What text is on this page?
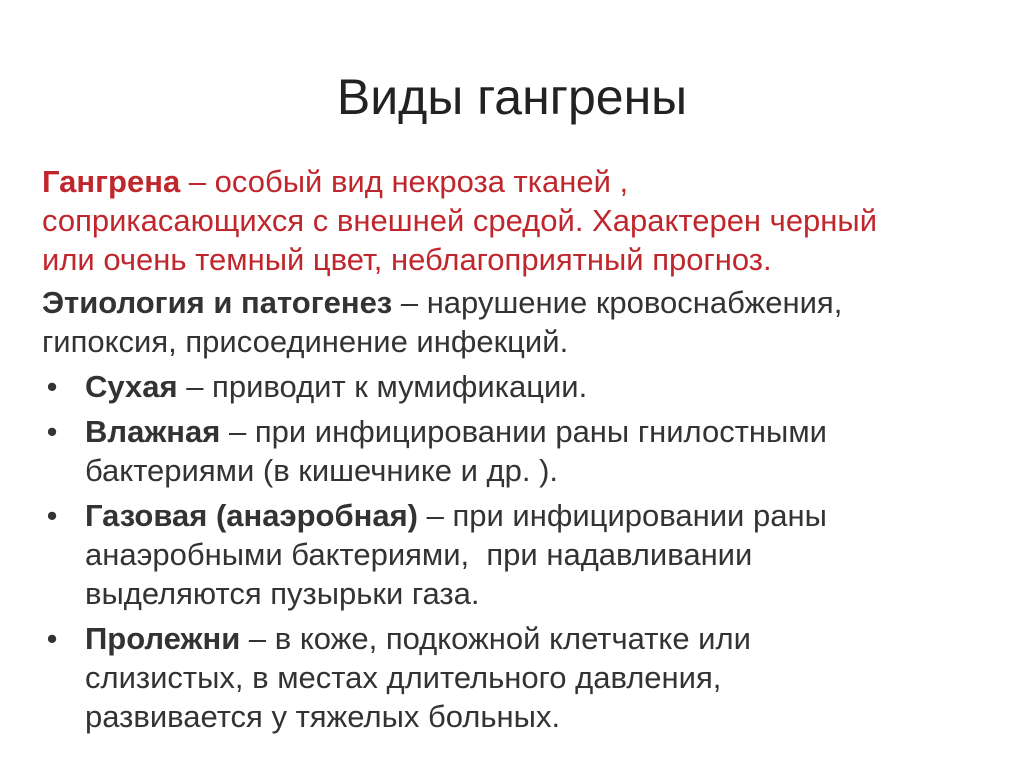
Виды гангрены

Гангрена – особый вид некроза тканей ,
соприкасающихся с внешней средой. Характерен черный
или очень темный цвет, неблагоприятный прогноз.

Этиология и патогенез – нарушение кровоснабжения,
гипоксия, присоединение инфекций.

• Сухая – приводит к мумификации.
• Влажная – при инфицировании раны гнилостными
бактериями (в кишечнике и др. ).
• Газовая (анаэробная) – при инфицировании раны
анаэробными бактериями,  при надавливании
выделяются пузырьки газа.
• Пролежни – в коже, подкожной клетчатке или
слизистых, в местах длительного давления,
развивается у тяжелых больных.
